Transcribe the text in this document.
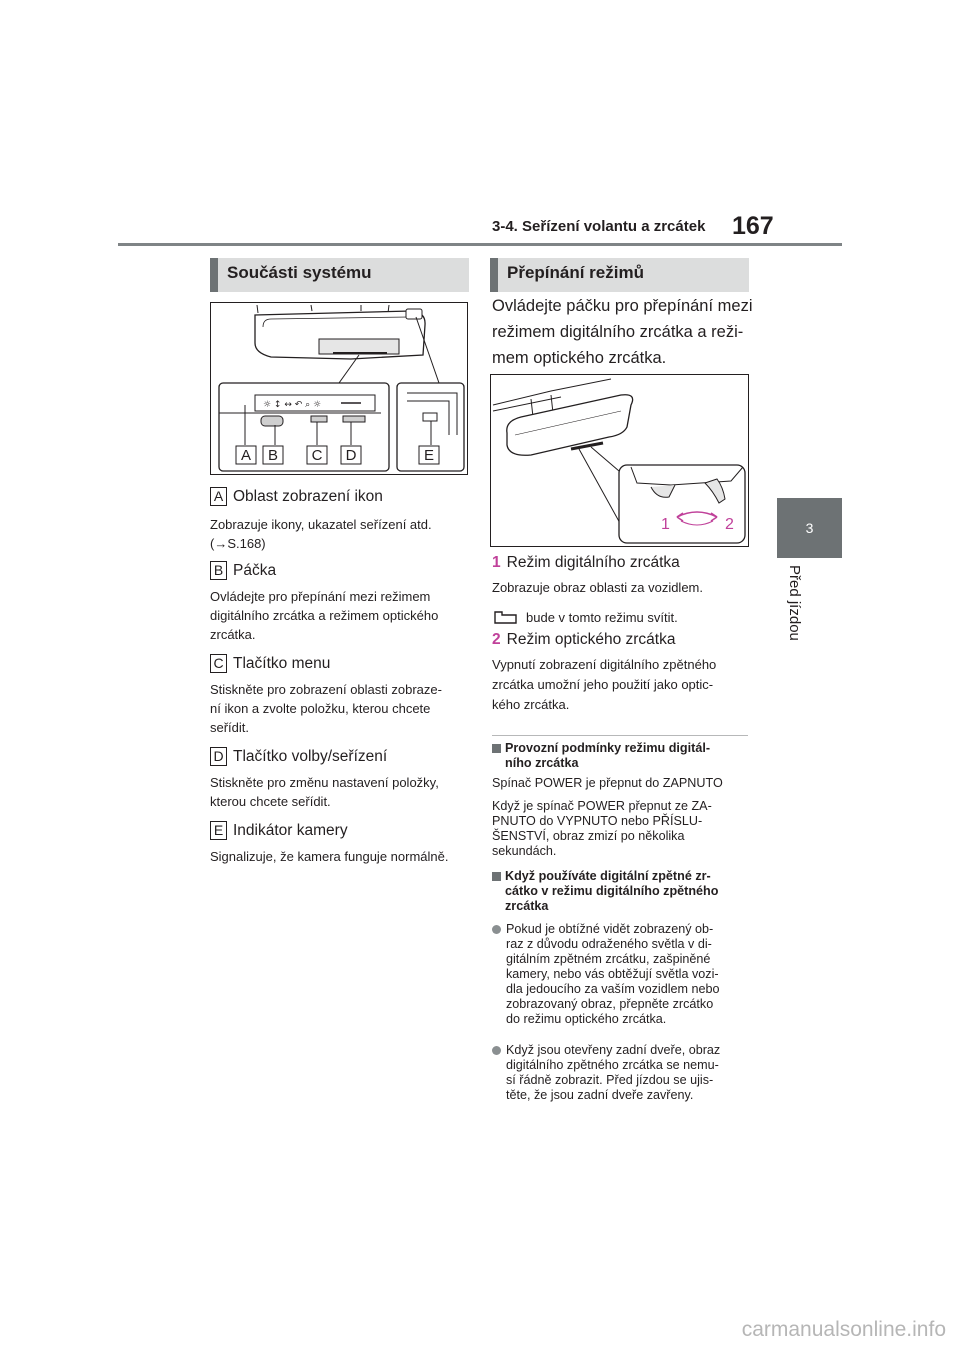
3-4. Seřízení volantu a zrcátek 167
3
Před jízdou
Součásti systému
☼ ↕ ↔ ↶ ⌕ ☼
A B C D	E
A Oblast zobrazení ikon
Zobrazuje ikony, ukazatel seřízení atd.
(→S.168)
B Páčka
Ovládejte pro přepínání mezi režimem
digitálního zrcátka a režimem optického
zrcátka.
C Tlačítko menu
Stiskněte pro zobrazení oblasti zobraze-
ní ikon a zvolte položku, kterou chcete
seřídit.
D Tlačítko volby/seřízení
Stiskněte pro změnu nastavení položky,
kterou chcete seřídit.
E Indikátor kamery
Signalizuje, že kamera funguje normálně.
Přepínání režimů
Ovládejte páčku pro přepínání mezi
režimem digitálního zrcátka a reži-
mem optického zrcátka.
1	2
1 Režim digitálního zrcátka
Zobrazuje obraz oblasti za vozidlem.
bude v tomto režimu svítit.
2 Režim optického zrcátka
Vypnutí zobrazení digitálního zpětného
zrcátka umožní jeho použití jako optic-
kého zrcátka.
Provozní podmínky režimu digitál-
ního zrcátka
Spínač POWER je přepnut do ZAPNUTO
Když je spínač POWER přepnut ze ZA-
PNUTO do VYPNUTO nebo PŘÍSLU-
ŠENSTVÍ, obraz zmizí po několika
sekundách.
Když používáte digitální zpětné zr-
cátko v režimu digitálního zpětného
zrcátka
Pokud je obtížné vidět zobrazený ob-
raz z důvodu odraženého světla v di-
gitálním zpětném zrcátku, zašpiněné
kamery, nebo vás obtěžují světla vozi-
dla jedoucího za vaším vozidlem nebo
zobrazovaný obraz, přepněte zrcátko
do režimu optického zrcátka.
Když jsou otevřeny zadní dveře, obraz
digitálního zpětného zrcátka se nemu-
sí řádně zobrazit. Před jízdou se ujis-
těte, že jsou zadní dveře zavřeny.
carmanualsonline.info
